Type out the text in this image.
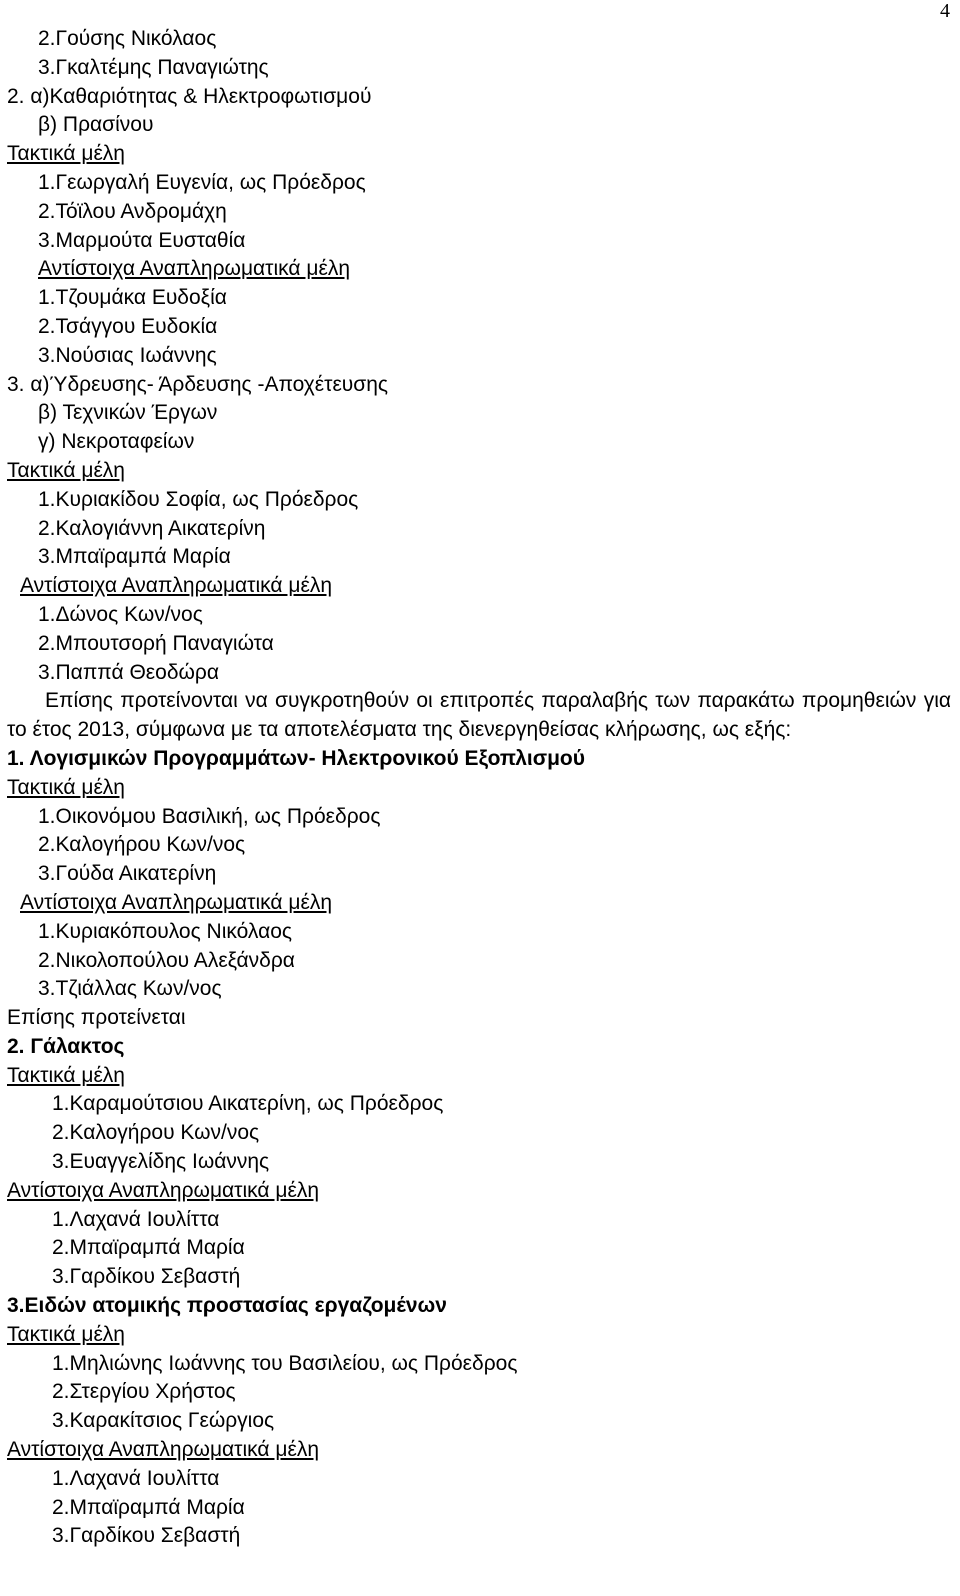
4
2.Γούσης Νικόλαος
3.Γκαλτέμης Παναγιώτης
2. α)Καθαριότητας & Ηλεκτροφωτισμού
β) Πρασίνου
Τακτικά μέλη
1.Γεωργαλή Ευγενία, ως Πρόεδρος
2.Τόϊλου Ανδρομάχη
3.Μαρμούτα Ευσταθία
Αντίστοιχα Αναπληρωματικά μέλη
1.Τζουμάκα Ευδοξία
2.Τσάγγου Ευδοκία
3.Νούσιας Ιωάννης
3. α)Ύδρευσης- Άρδευσης -Αποχέτευσης
β) Τεχνικών Έργων
γ) Νεκροταφείων
Τακτικά μέλη
1.Κυριακίδου Σοφία, ως Πρόεδρος
2.Καλογιάννη Αικατερίνη
3.Μπαϊραμπά Μαρία
Αντίστοιχα Αναπληρωματικά μέλη
1.Δώνος Κων/νος
2.Μπουτσορή Παναγιώτα
3.Παππά Θεοδώρα
Επίσης προτείνονται να συγκροτηθούν οι επιτροπές παραλαβής των παρακάτω προμηθειών για το έτος 2013, σύμφωνα με τα αποτελέσματα της διενεργηθείσας κλήρωσης, ως εξής:
1. Λογισμικών Προγραμμάτων- Ηλεκτρονικού Εξοπλισμού
Τακτικά μέλη
1.Οικονόμου Βασιλική, ως Πρόεδρος
2.Καλογήρου Κων/νος
3.Γούδα Αικατερίνη
Αντίστοιχα Αναπληρωματικά μέλη
1.Κυριακόπουλος Νικόλαος
2.Νικολοπούλου Αλεξάνδρα
3.Τζιάλλας Κων/νος
Επίσης προτείνεται
2. Γάλακτος
Τακτικά μέλη
1.Καραμούτσιου Αικατερίνη, ως Πρόεδρος
2.Καλογήρου Κων/νος
3.Ευαγγελίδης Ιωάννης
Αντίστοιχα Αναπληρωματικά μέλη
1.Λαχανά Ιουλίττα
2.Μπαϊραμπά Μαρία
3.Γαρδίκου Σεβαστή
3.Ειδών ατομικής προστασίας εργαζομένων
Τακτικά μέλη
1.Μηλιώνης Ιωάννης του Βασιλείου, ως Πρόεδρος
2.Στεργίου Χρήστος
3.Καρακίτσιος Γεώργιος
Αντίστοιχα Αναπληρωματικά μέλη
1.Λαχανά Ιουλίττα
2.Μπαϊραμπά Μαρία
3.Γαρδίκου Σεβαστή
